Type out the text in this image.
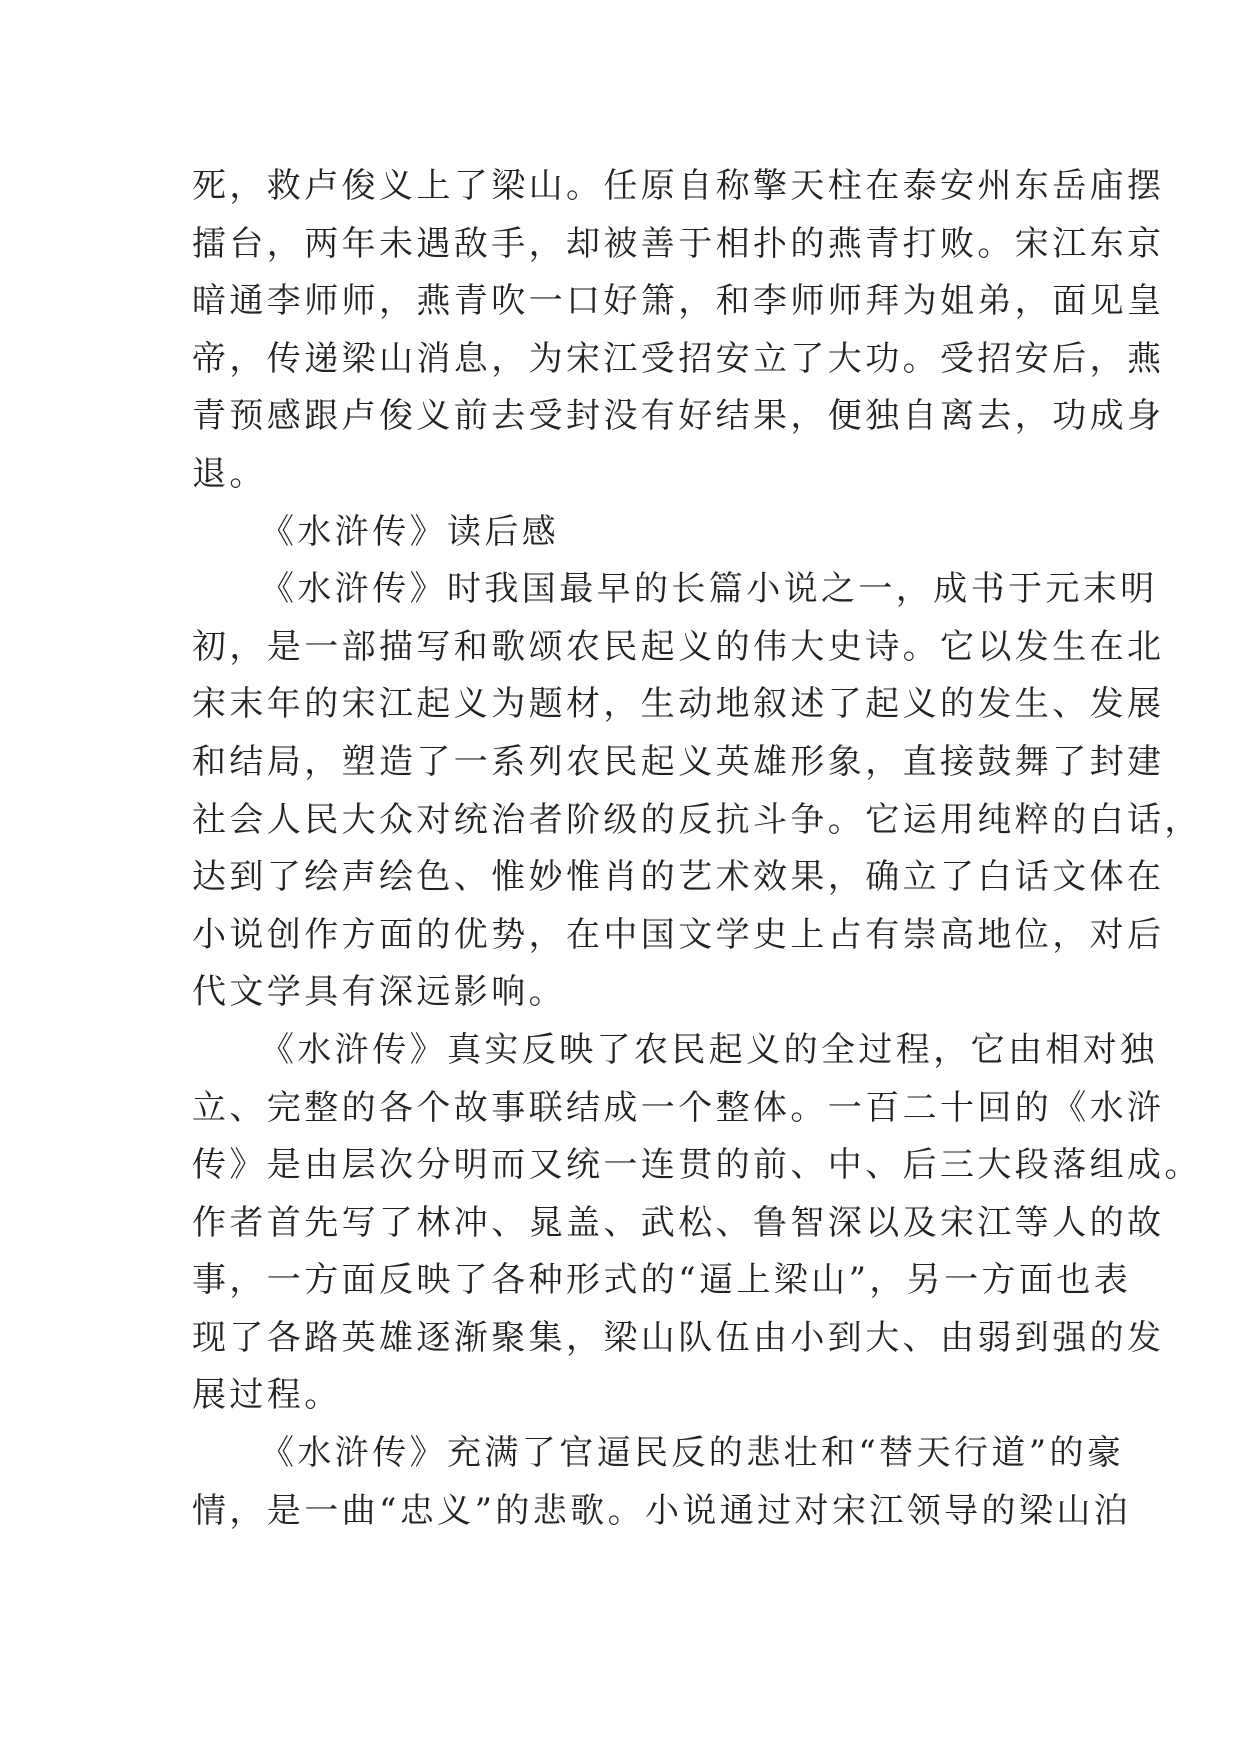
死，救卢俊义上了梁山。任原自称擎天柱在泰安州东岳庙摆
擂台，两年未遇敌手，却被善于相扑的燕青打败。宋江东京
暗通李师师，燕青吹一口好箫，和李师师拜为姐弟，面见皇
帝，传递梁山消息，为宋江受招安立了大功。受招安后，燕
青预感跟卢俊义前去受封没有好结果，便独自离去，功成身
退。
《水浒传》读后感
《水浒传》时我国最早的长篇小说之一，成书于元末明
初，是一部描写和歌颂农民起义的伟大史诗。它以发生在北
宋末年的宋江起义为题材，生动地叙述了起义的发生、发展
和结局，塑造了一系列农民起义英雄形象，直接鼓舞了封建
社会人民大众对统治者阶级的反抗斗争。它运用纯粹的白话，
达到了绘声绘色、惟妙惟肖的艺术效果，确立了白话文体在
小说创作方面的优势，在中国文学史上占有崇高地位，对后
代文学具有深远影响。
《水浒传》真实反映了农民起义的全过程，它由相对独
立、完整的各个故事联结成一个整体。一百二十回的《水浒
传》是由层次分明而又统一连贯的前、中、后三大段落组成。
作者首先写了林冲、晁盖、武松、鲁智深以及宋江等人的故
事，一方面反映了各种形式的“逼上梁山”，另一方面也表
现了各路英雄逐渐聚集，梁山队伍由小到大、由弱到强的发
展过程。
《水浒传》充满了官逼民反的悲壮和“替天行道”的豪
情，是一曲“忠义”的悲歌。小说通过对宋江领导的梁山泊
